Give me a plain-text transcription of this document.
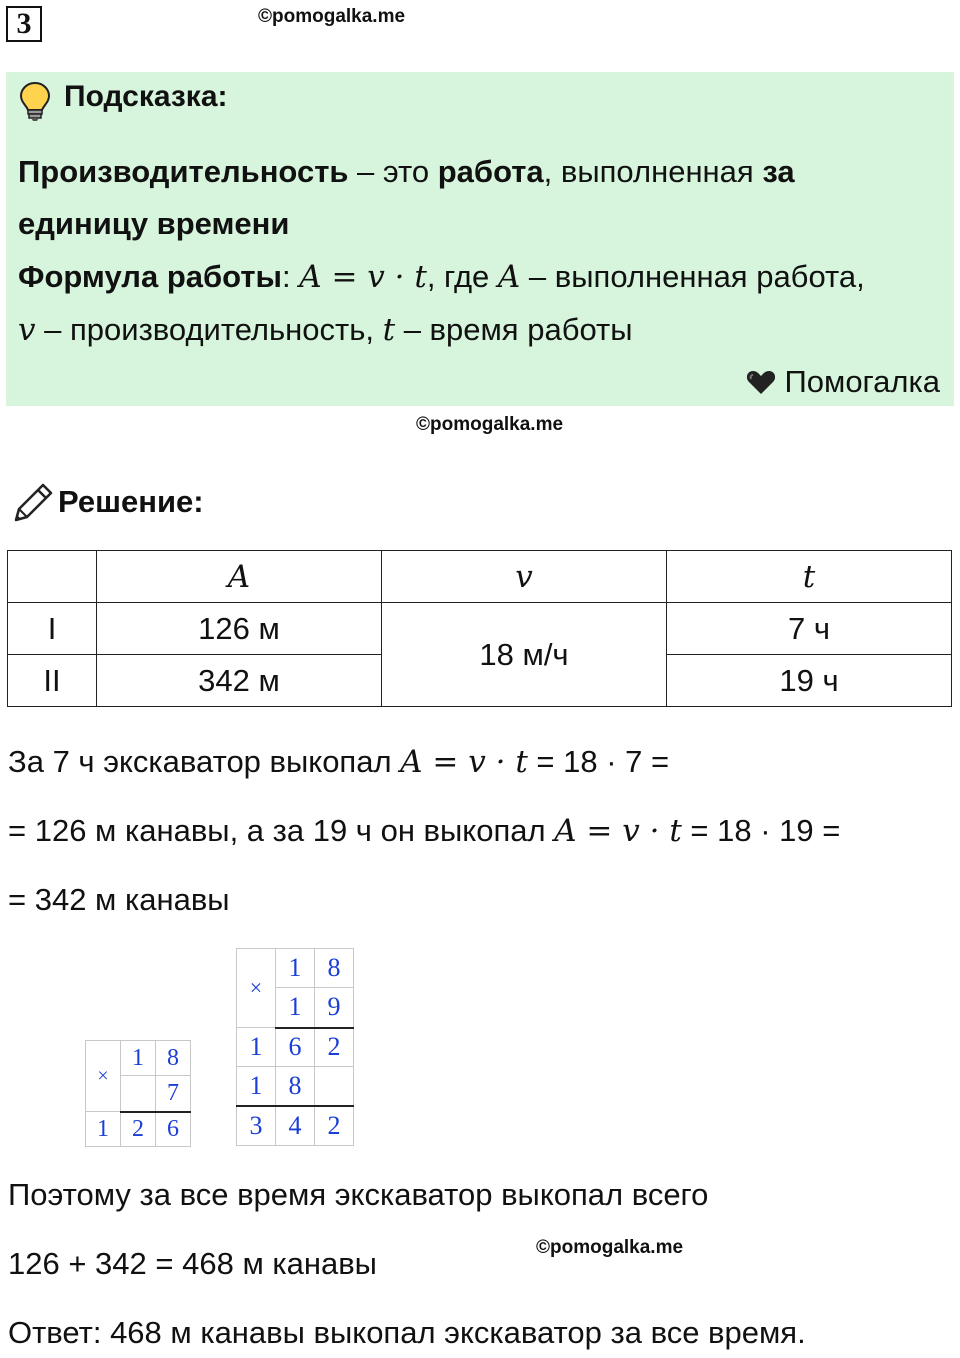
3	©pomogalka.me
Подсказка:
Производительность – это работа, выполненная за
единицу времени
Формула работы: A = v · t, где A – выполненная работа,
v – производительность, t – время работы
Помогалка
©pomogalka.me
Решение:
	A	v	t
I	126 м	18 м/ч	7 ч
II	342 м		19 ч
За 7 ч экскаватор выкопал A = v · t = 18 · 7 =
= 126 м канавы, а за 19 ч он выкопал A = v · t = 18 · 19 =
= 342 м канавы
×	1	8
		7
1	2	6
×	1	8
	1	9
1	6	2
1	8	
3	4	2
Поэтому за все время экскаватор выкопал всего
126 + 342 = 468 м канавы	©pomogalka.me
Ответ: 468 м канавы выкопал экскаватор за все время.
